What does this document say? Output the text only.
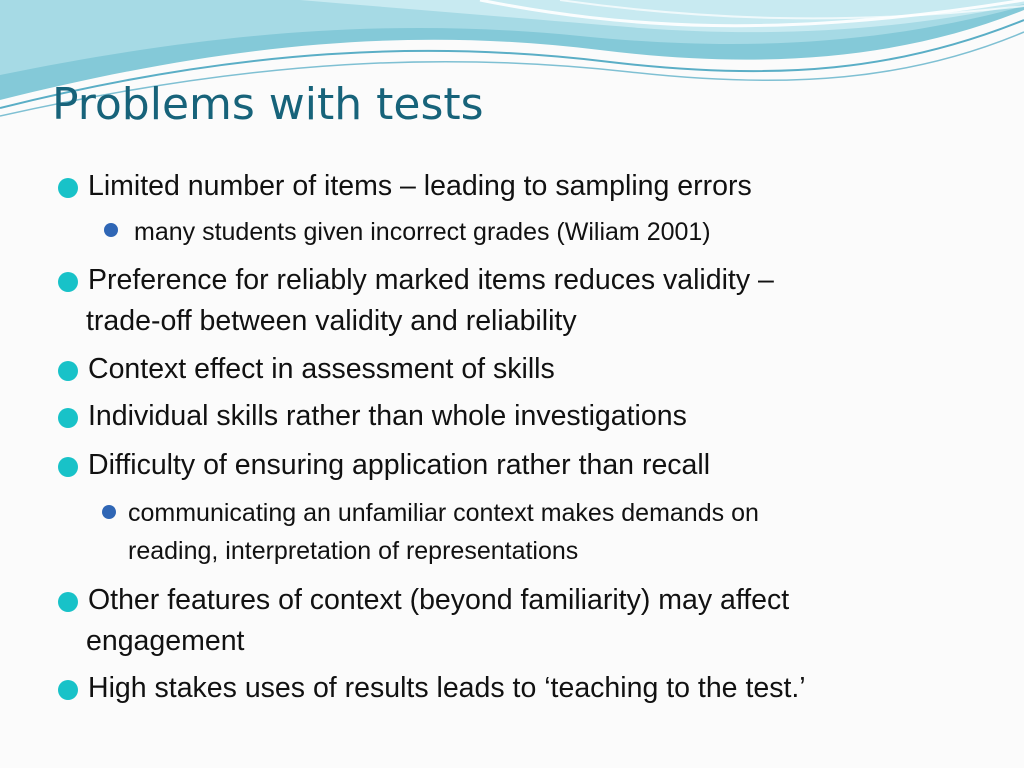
Problems with tests
Limited number of items – leading to sampling errors
many students given incorrect grades (Wiliam 2001)
Preference for reliably marked items reduces validity –
trade-off between validity and reliability
Context effect in assessment of skills
Individual skills rather than whole investigations
Difficulty of ensuring application rather than recall
communicating an unfamiliar context makes demands on
reading, interpretation of representations
Other features of context (beyond familiarity) may affect
engagement
High stakes uses of results leads to ‘teaching to the test.’
